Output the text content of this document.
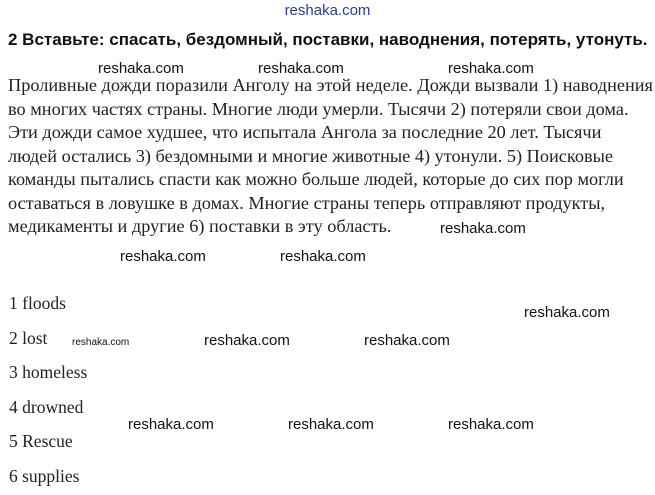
reshaka.com

2 Вставьте: спасать, бездомный, поставки, наводнения, потерять, утонуть.

Проливные дожди поразили Анголу на этой неделе. Дожди вызвали 1) наводнения во многих частях страны. Многие люди умерли. Тысячи 2) потеряли свои дома. Эти дожди самое худшее, что испытала Ангола за последние 20 лет. Тысячи людей остались 3) бездомными и многие животные 4) утонули. 5) Поисковые команды пытались спасти как можно больше людей, которые до сих пор могли оставаться в ловушке в домах. Многие страны теперь отправляют продукты, медикаменты и другие 6) поставки в эту область.

1 floods
2 lost
3 homeless
4 drowned
5 Rescue
6 supplies
reshaka.com	reshaka.com	reshaka.com
reshaka.com
reshaka.com	reshaka.com
reshaka.com
reshaka.com	reshaka.com	reshaka.com
reshaka.com	reshaka.com	reshaka.com
